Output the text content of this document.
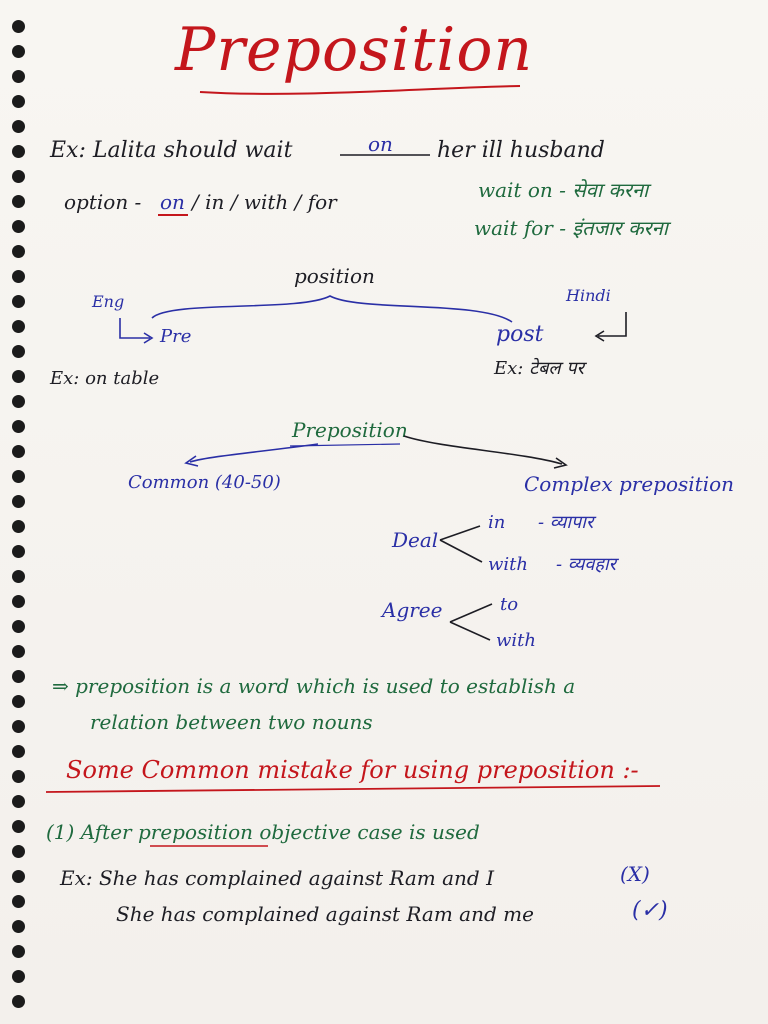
Preposition
Ex: Lalita should wait	on her ill husband
option - on / in / with / for	wait on - सेवा करना
wait for - इंतजार करना
position
Eng
Pre
Hindi
post
Ex: on table	Ex: टेबल पर
Preposition
Common (40-50)	Complex preposition
Deal
in - व्यापार
with - व्यवहार
Agree	to
with
⇒ preposition is a word which is used to establish a
relation between two nouns
Some Common mistake for using preposition :-
(1) After preposition objective case is used
Ex: She has complained against Ram and I	(X)
She has complained against Ram and me	(✓)
